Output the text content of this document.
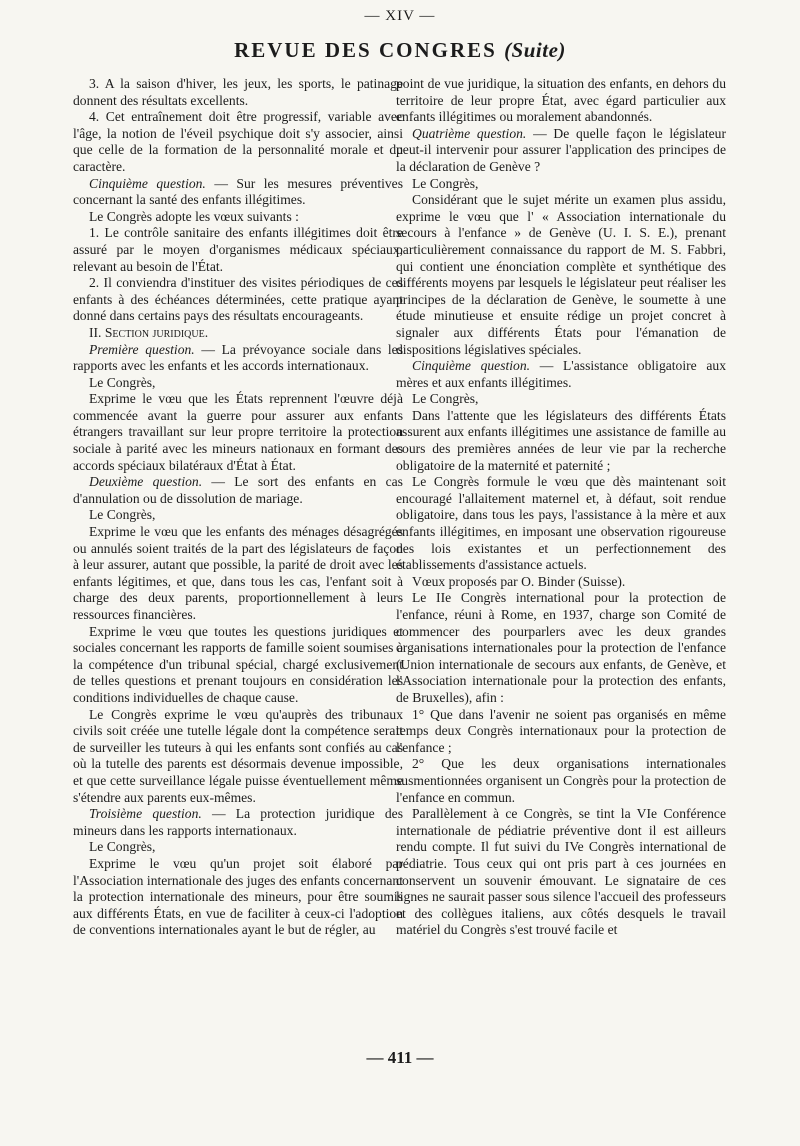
— XIV —
REVUE DES CONGRES (Suite)

3. A la saison d'hiver, les jeux, les sports, le patinage donnent des résultats excellents.

4. Cet entraînement doit être progressif, variable avec l'âge, la notion de l'éveil psychique doit s'y associer, ainsi que celle de la formation de la personnalité morale et du caractère.

Cinquième question. — Sur les mesures préventives concernant la santé des enfants illégitimes.

Le Congrès adopte les vœux suivants :

1. Le contrôle sanitaire des enfants illégitimes doit être assuré par le moyen d'organismes médicaux spéciaux, relevant au besoin de l'État.

2. Il conviendra d'instituer des visites périodiques de ces enfants à des échéances déterminées, cette pratique ayant donné dans certains pays des résultats encourageants.

II. Section juridique.

Première question. — La prévoyance sociale dans les rapports avec les enfants et les accords internationaux.

Le Congrès,

Exprime le vœu que les États reprennent l'œuvre déjà commencée avant la guerre pour assurer aux enfants étrangers travaillant sur leur propre territoire la protection sociale à parité avec les mineurs nationaux en formant des accords spéciaux bilatéraux d'État à État.

Deuxième question. — Le sort des enfants en cas d'annulation ou de dissolution de mariage.

Le Congrès,

Exprime le vœu que les enfants des ménages désagrégés ou annulés soient traités de la part des législateurs de façon à leur assurer, autant que possible, la parité de droit avec les enfants légitimes, et que, dans tous les cas, l'enfant soit à charge des deux parents, proportionnellement à leurs ressources financières.

Exprime le vœu que toutes les questions juridiques et sociales concernant les rapports de famille soient soumises à la compétence d'un tribunal spécial, chargé exclusivement de telles questions et prenant toujours en considération les conditions individuelles de chaque cause.

Le Congrès exprime le vœu qu'auprès des tribunaux civils soit créée une tutelle légale dont la compétence serait de surveiller les tuteurs à qui les enfants sont confiés au cas où la tutelle des parents est désormais devenue impossible, et que cette surveillance légale puisse éventuellement même s'étendre aux parents eux-mêmes.

Troisième question. — La protection juridique des mineurs dans les rapports internationaux.

Le Congrès,

Exprime le vœu qu'un projet soit élaboré par l'Association internationale des juges des enfants concernant la protection internationale des mineurs, pour être soumis aux différents États, en vue de faciliter à ceux-ci l'adoption de conventions internationales ayant le but de régler, au

point de vue juridique, la situation des enfants, en dehors du territoire de leur propre État, avec égard particulier aux enfants illégitimes ou moralement abandonnés.

Quatrième question. — De quelle façon le législateur peut-il intervenir pour assurer l'application des principes de la déclaration de Genève ?

Le Congrès,

Considérant que le sujet mérite un examen plus assidu, exprime le vœu que l' « Association internationale du secours à l'enfance » de Genève (U. I. S. E.), prenant particulièrement connaissance du rapport de M. S. Fabbri, qui contient une énonciation complète et synthétique des différents moyens par lesquels le législateur peut réaliser les principes de la déclaration de Genève, le soumette à une étude minutieuse et ensuite rédige un projet concret à signaler aux différents États pour l'émanation de dispositions législatives spéciales.

Cinquième question. — L'assistance obligatoire aux mères et aux enfants illégitimes.

Le Congrès,

Dans l'attente que les législateurs des différents États assurent aux enfants illégitimes une assistance de famille au cours des premières années de leur vie par la recherche obligatoire de la maternité et paternité ;

Le Congrès formule le vœu que dès maintenant soit encouragé l'allaitement maternel et, à défaut, soit rendue obligatoire, dans tous les pays, l'assistance à la mère et aux enfants illégitimes, en imposant une observation rigoureuse des lois existantes et un perfectionnement des établissements d'assistance actuels.

Vœux proposés par O. Binder (Suisse).

Le IIe Congrès international pour la protection de l'enfance, réuni à Rome, en 1937, charge son Comité de commencer des pourparlers avec les deux grandes organisations internationales pour la protection de l'enfance (Union internationale de secours aux enfants, de Genève, et l'Association internationale pour la protection des enfants, de Bruxelles), afin :

1° Que dans l'avenir ne soient pas organisés en même temps deux Congrès internationaux pour la protection de l'enfance ;

2° Que les deux organisations internationales susmentionnées organisent un Congrès pour la protection de l'enfance en commun.

Parallèlement à ce Congrès, se tint la VIe Conférence internationale de pédiatrie préventive dont il est ailleurs rendu compte. Il fut suivi du IVe Congrès international de pédiatrie. Tous ceux qui ont pris part à ces journées en conservent un souvenir émouvant. Le signataire de ces lignes ne saurait passer sous silence l'accueil des professeurs et des collègues italiens, aux côtés desquels le travail matériel du Congrès s'est trouvé facile et

— 411 —
